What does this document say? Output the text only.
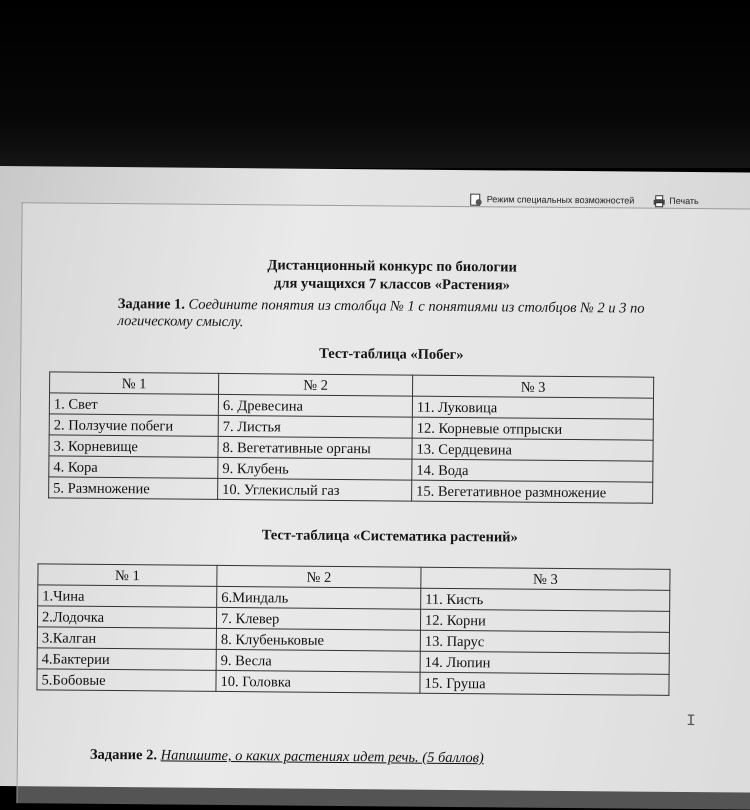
Режим специальных возможностей	Печать
Дистанционный конкурс по биологии
для учащихся 7 классов «Растения»
Задание 1. Соедините понятия из столбца № 1 с понятиями из столбцов № 2 и 3 по логическому смыслу.
Тест-таблица «Побег»
№ 1	№ 2	№ 3
1. Свет	6. Древесина	11. Луковица
2. Ползучие побеги	7. Листья	12. Корневые отпрыски
3. Корневище	8. Вегетативные органы	13. Сердцевина
4. Кора	9. Клубень	14. Вода
5. Размножение	10. Углекислый газ	15. Вегетативное размножение
I
Тест-таблица «Систематика растений»
№ 1	№ 2	№ 3
1.Чина	6.Миндаль	11. Кисть
2.Лодочка	7. Клевер	12. Корни
3.Калган	8. Клубеньковые	13. Парус
4.Бактерии	9. Весла	14. Люпин
5.Бобовые	10. Головка	15. Груша
Задание 2. Напишите, о каких растениях идет речь. (5 баллов)
